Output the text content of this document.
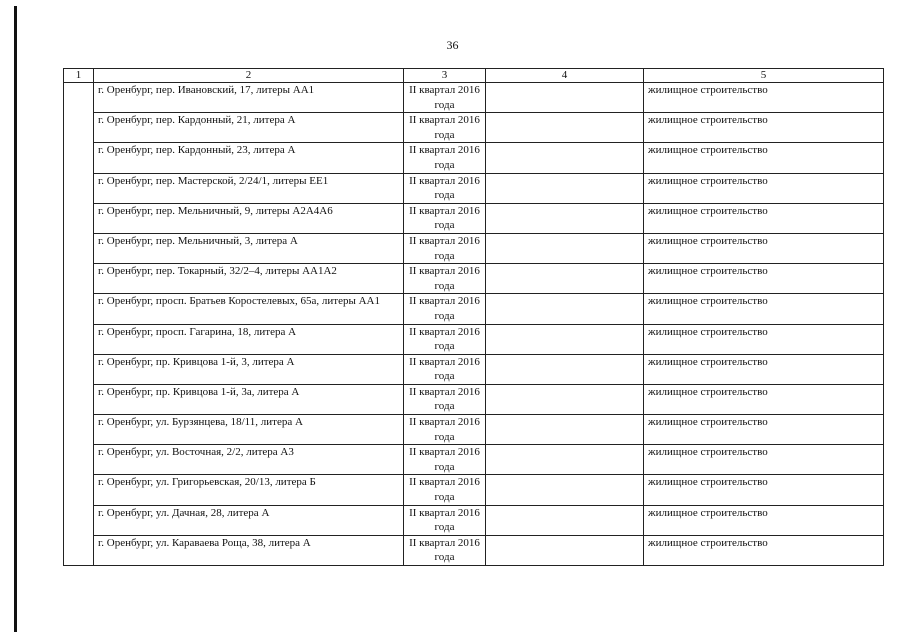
36
1	2	3	4	5
	г. Оренбург, пер. Ивановский, 17, литеры АА1	II квартал 2016 года		жилищное строительство
	г. Оренбург, пер. Кардонный, 21, литера А	II квартал 2016 года		жилищное строительство
	г. Оренбург, пер. Кардонный, 23, литера А	II квартал 2016 года		жилищное строительство
	г. Оренбург, пер. Мастерской, 2/24/1, литеры ЕЕ1	II квартал 2016 года		жилищное строительство
	г. Оренбург, пер. Мельничный, 9, литеры А2А4А6	II квартал 2016 года		жилищное строительство
	г. Оренбург, пер. Мельничный, 3, литера А	II квартал 2016 года		жилищное строительство
	г. Оренбург, пер. Токарный, 32/2–4, литеры АА1А2	II квартал 2016 года		жилищное строительство
	г. Оренбург, просп. Братьев Коростелевых, 65а, литеры АА1	II квартал 2016 года		жилищное строительство
	г. Оренбург, просп. Гагарина, 18, литера А	II квартал 2016 года		жилищное строительство
	г. Оренбург, пр. Кривцова 1-й, 3, литера А	II квартал 2016 года		жилищное строительство
	г. Оренбург, пр. Кривцова 1-й, 3а, литера А	II квартал 2016 года		жилищное строительство
	г. Оренбург, ул. Бурзянцева, 18/11, литера А	II квартал 2016 года		жилищное строительство
	г. Оренбург, ул. Восточная, 2/2, литера А3	II квартал 2016 года		жилищное строительство
	г. Оренбург, ул. Григорьевская, 20/13, литера Б	II квартал 2016 года		жилищное строительство
	г. Оренбург, ул. Дачная, 28, литера А	II квартал 2016 года		жилищное строительство
	г. Оренбург, ул. Караваева Роща, 38, литера А	II квартал 2016 года		жилищное строительство
